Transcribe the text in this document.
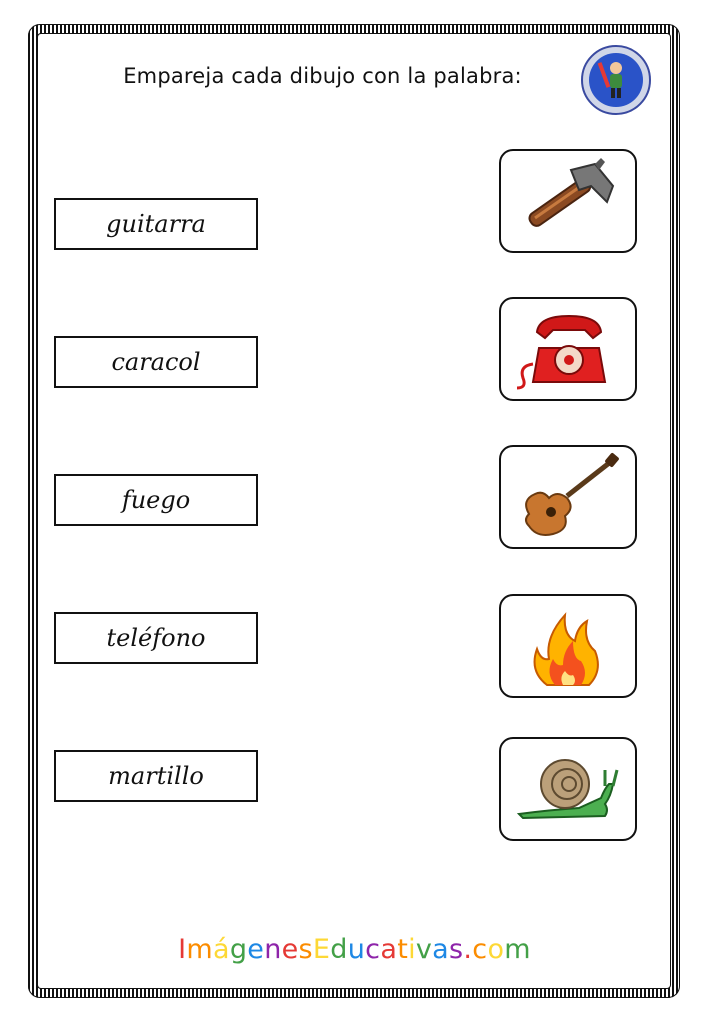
Empareja cada dibujo con la palabra:
guitarra
caracol
fuego
teléfono
martillo
ImágenesEducativas.com
